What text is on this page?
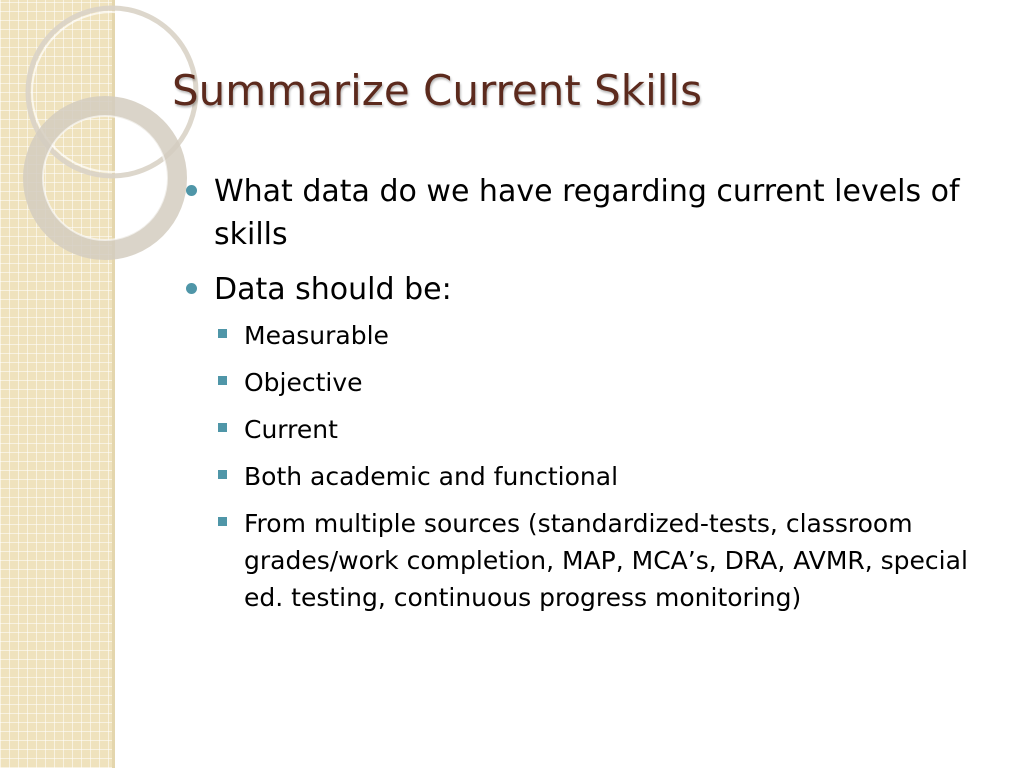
Summarize Current Skills
What data do we have regarding current levels of skills
Data should be:
Measurable
Objective
Current
Both academic and functional
From multiple sources (standardized-tests, classroom grades/work completion, MAP, MCA’s, DRA, AVMR, special ed. testing, continuous progress monitoring)
